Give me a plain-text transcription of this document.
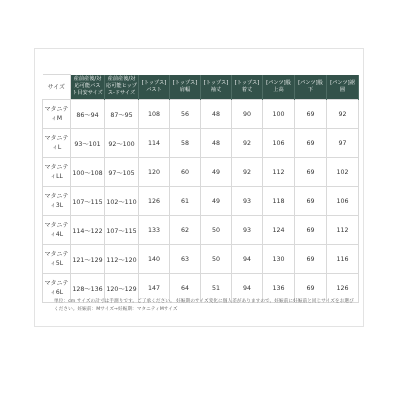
サイズ	産前産後/対応可能バスト目安サイズ	産前産後/対応可能ヒップス-ドサイズ	[トップス]バスト	[トップス]肩幅	[トップス]袖丈	[トップス]着丈	[パンツ]股上高	[パンツ]股下	[パンツ]裾囲
マタニティM	86〜94	87〜95	108	56	48	90	100	69	92
マタニティL	93〜101	92〜100	114	58	48	92	106	69	97
マタニティLL	100〜108	97〜105	120	60	49	92	112	69	102
マタニティ3L	107〜115	102〜110	126	61	49	93	118	69	106
マタニティ4L	114〜122	107〜115	133	62	50	93	124	69	112
マタニティ5L	121〜129	112〜120	140	63	50	94	130	69	116
マタニティ6L	128〜136	120〜129	147	64	51	94	136	69	126
単位：cm サイズの計寸は手測りです。ご了承ください。 妊娠期のサイズ変化に個人差がありますので、妊娠前に妊娠前と同じサイズをお選びください。妊娠前：Mサイズ→妊娠期：マタニティMサイズ
